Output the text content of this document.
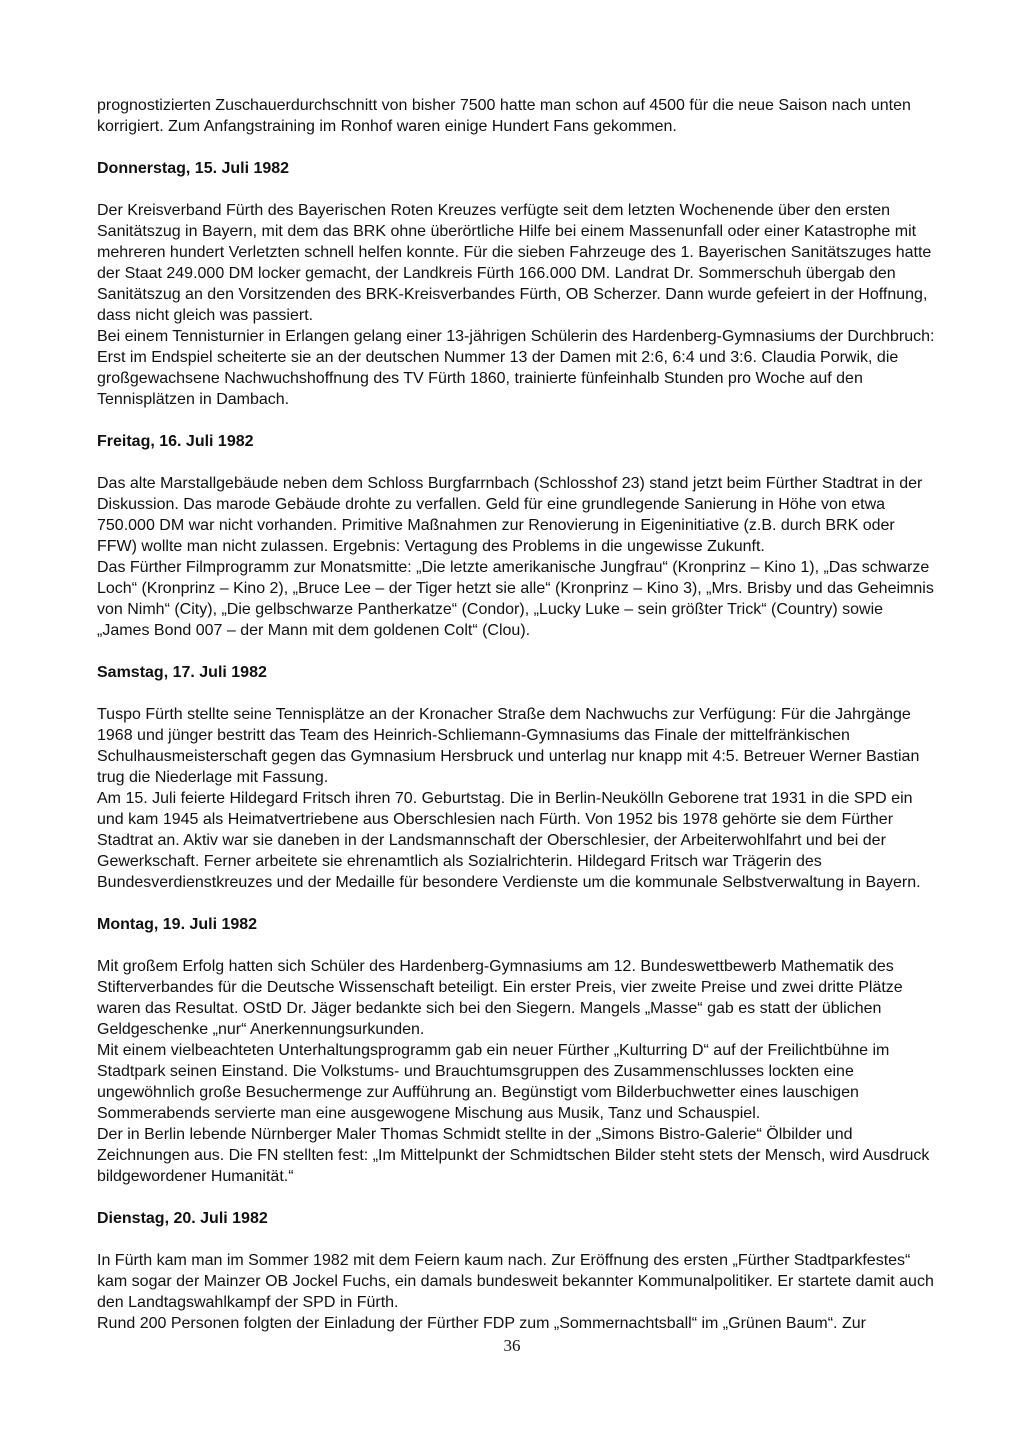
prognostizierten Zuschauerdurchschnitt von bisher 7500 hatte man schon auf 4500 für die neue Saison nach unten korrigiert. Zum Anfangstraining im Ronhof waren einige Hundert Fans gekommen.

Donnerstag, 15. Juli 1982

Der Kreisverband Fürth des Bayerischen Roten Kreuzes verfügte seit dem letzten Wochenende über den ersten Sanitätszug in Bayern, mit dem das BRK ohne überörtliche Hilfe bei einem Massenunfall oder einer Katastrophe mit mehreren hundert Verletzten schnell helfen konnte. Für die sieben Fahrzeuge des 1. Bayerischen Sanitätszuges hatte der Staat 249.000 DM locker gemacht, der Landkreis Fürth 166.000 DM. Landrat Dr. Sommerschuh übergab den Sanitätszug an den Vorsitzenden des BRK-Kreisverbandes Fürth, OB Scherzer. Dann wurde gefeiert in der Hoffnung, dass nicht gleich was passiert.

Bei einem Tennisturnier in Erlangen gelang einer 13-jährigen Schülerin des Hardenberg-Gymnasiums der Durchbruch: Erst im Endspiel scheiterte sie an der deutschen Nummer 13 der Damen mit 2:6, 6:4 und 3:6. Claudia Porwik, die großgewachsene Nachwuchshoffnung des TV Fürth 1860, trainierte fünfeinhalb Stunden pro Woche auf den Tennisplätzen in Dambach.

Freitag, 16. Juli 1982

Das alte Marstallgebäude neben dem Schloss Burgfarrnbach (Schlosshof 23) stand jetzt beim Fürther Stadtrat in der Diskussion. Das marode Gebäude drohte zu verfallen. Geld für eine grundlegende Sanierung in Höhe von etwa 750.000 DM war nicht vorhanden. Primitive Maßnahmen zur Renovierung in Eigeninitiative (z.B. durch BRK oder FFW) wollte man nicht zulassen. Ergebnis: Vertagung des Problems in die ungewisse Zukunft.

Das Fürther Filmprogramm zur Monatsmitte: „Die letzte amerikanische Jungfrau“ (Kronprinz – Kino 1), „Das schwarze Loch“ (Kronprinz – Kino 2), „Bruce Lee – der Tiger hetzt sie alle“ (Kronprinz – Kino 3), „Mrs. Brisby und das Geheimnis von Nimh“ (City), „Die gelbschwarze Pantherkatze“ (Condor), „Lucky Luke – sein größter Trick“ (Country) sowie „James Bond 007 – der Mann mit dem goldenen Colt“ (Clou).

Samstag, 17. Juli 1982

Tuspo Fürth stellte seine Tennisplätze an der Kronacher Straße dem Nachwuchs zur Verfügung: Für die Jahrgänge 1968 und jünger bestritt das Team des Heinrich-Schliemann-Gymnasiums das Finale der mittelfränkischen Schulhausmeisterschaft gegen das Gymnasium Hersbruck und unterlag nur knapp mit 4:5. Betreuer Werner Bastian trug die Niederlage mit Fassung.

Am 15. Juli feierte Hildegard Fritsch ihren 70. Geburtstag. Die in Berlin-Neukölln Geborene trat 1931 in die SPD ein und kam 1945 als Heimatvertriebene aus Oberschlesien nach Fürth. Von 1952 bis 1978 gehörte sie dem Fürther Stadtrat an. Aktiv war sie daneben in der Landsmannschaft der Oberschlesier, der Arbeiterwohlfahrt und bei der Gewerkschaft. Ferner arbeitete sie ehrenamtlich als Sozialrichterin. Hildegard Fritsch war Trägerin des Bundesverdienstkreuzes und der Medaille für besondere Verdienste um die kommunale Selbstverwaltung in Bayern.

Montag, 19. Juli 1982

Mit großem Erfolg hatten sich Schüler des Hardenberg-Gymnasiums am 12. Bundeswettbewerb Mathematik des Stifterverbandes für die Deutsche Wissenschaft beteiligt. Ein erster Preis, vier zweite Preise und zwei dritte Plätze waren das Resultat. OStD Dr. Jäger bedankte sich bei den Siegern. Mangels „Masse“ gab es statt der üblichen Geldgeschenke „nur“ Anerkennungsurkunden.

Mit einem vielbeachteten Unterhaltungsprogramm gab ein neuer Fürther „Kulturring D“ auf der Freilichtbühne im Stadtpark seinen Einstand. Die Volkstums- und Brauchtumsgruppen des Zusammenschlusses lockten eine ungewöhnlich große Besuchermenge zur Aufführung an. Begünstigt vom Bilderbuchwetter eines lauschigen Sommerabends servierte man eine ausgewogene Mischung aus Musik, Tanz und Schauspiel.

Der in Berlin lebende Nürnberger Maler Thomas Schmidt stellte in der „Simons Bistro-Galerie“ Ölbilder und Zeichnungen aus. Die FN stellten fest: „Im Mittelpunkt der Schmidtschen Bilder steht stets der Mensch, wird Ausdruck bildgewordener Humanität.“

Dienstag, 20. Juli 1982

In Fürth kam man im Sommer 1982 mit dem Feiern kaum nach. Zur Eröffnung des ersten „Fürther Stadtparkfestes“ kam sogar der Mainzer OB Jockel Fuchs, ein damals bundesweit bekannter Kommunalpolitiker. Er startete damit auch den Landtagswahlkampf der SPD in Fürth.

Rund 200 Personen folgten der Einladung der Fürther FDP zum „Sommernachtsball“ im „Grünen Baum“. Zur

36
